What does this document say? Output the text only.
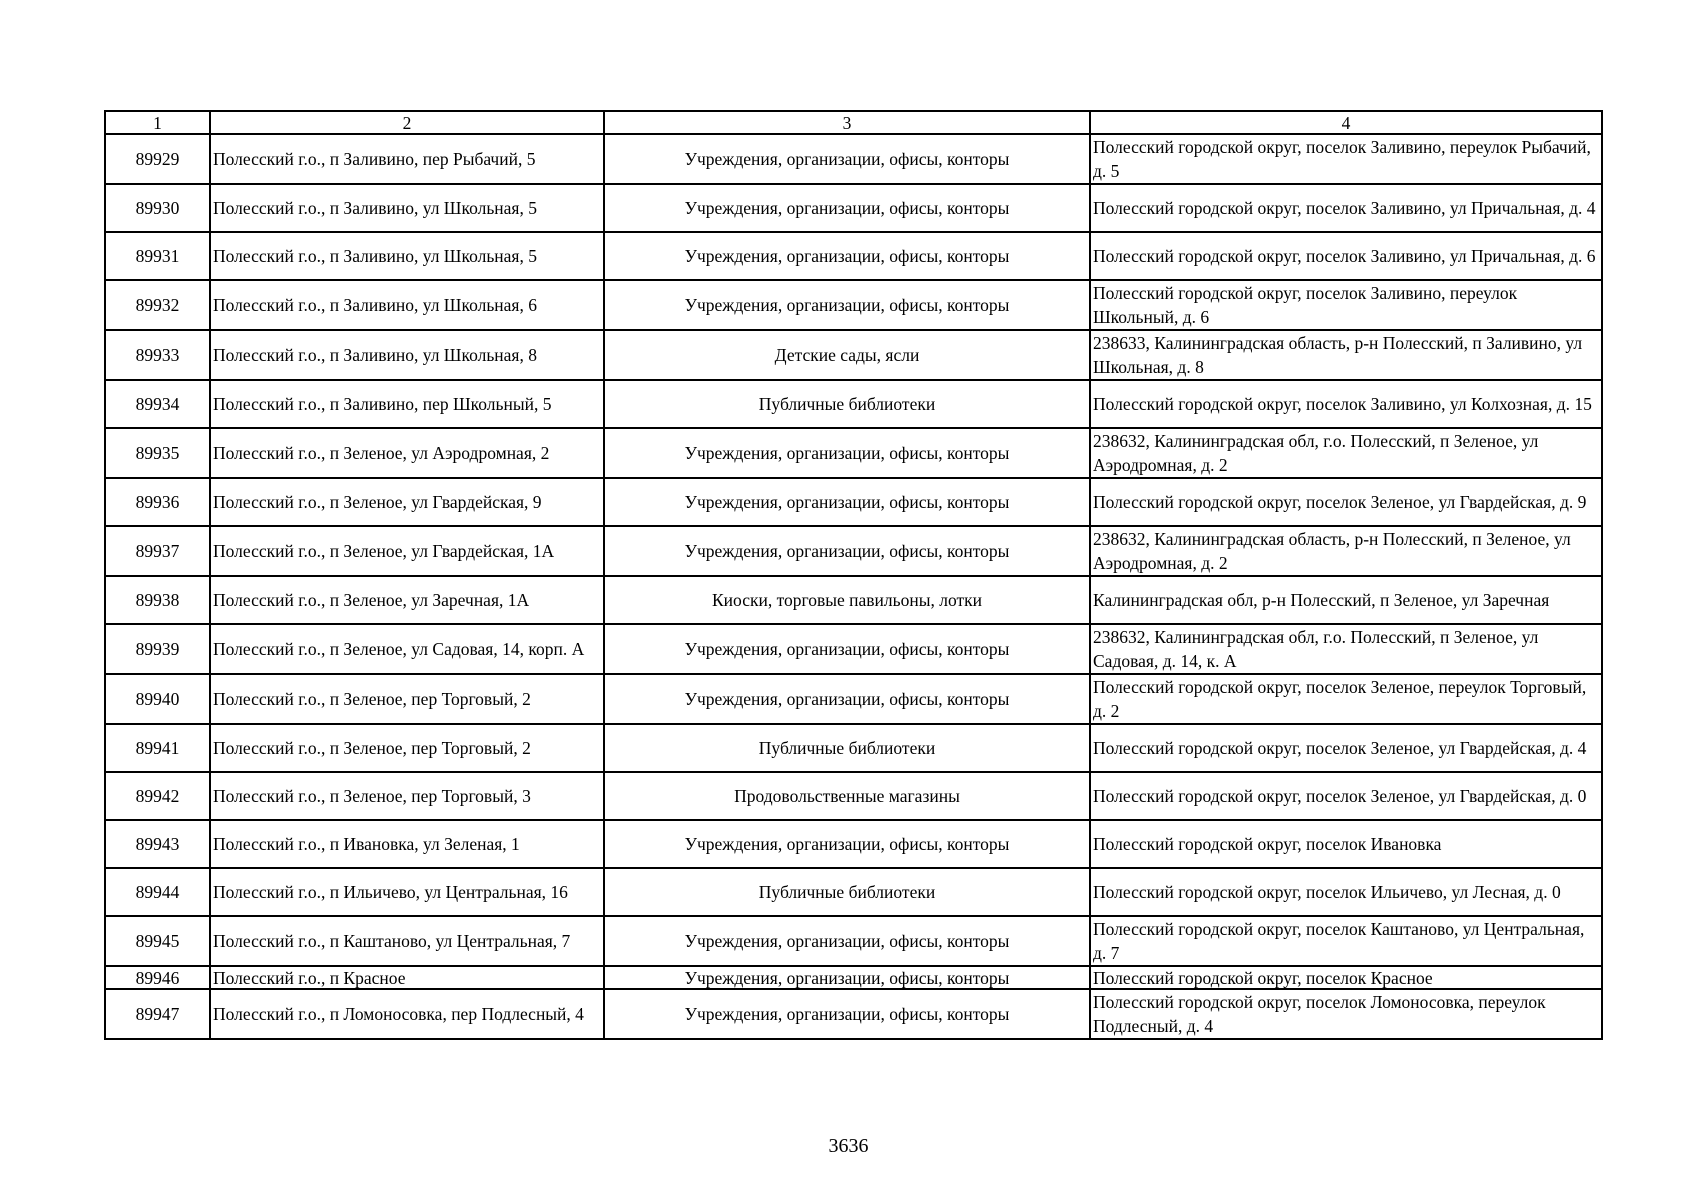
1	2	3	4
89929	Полесский г.о., п Заливино, пер Рыбачий, 5	Учреждения, организации, офисы, конторы	Полесский городской округ, поселок Заливино, переулок Рыбачий, д. 5
89930	Полесский г.о., п Заливино, ул Школьная, 5	Учреждения, организации, офисы, конторы	Полесский городской округ, поселок Заливино, ул Причальная, д. 4
89931	Полесский г.о., п Заливино, ул Школьная, 5	Учреждения, организации, офисы, конторы	Полесский городской округ, поселок Заливино, ул Причальная, д. 6
89932	Полесский г.о., п Заливино, ул Школьная, 6	Учреждения, организации, офисы, конторы	Полесский городской округ, поселок Заливино, переулок Школьный, д. 6
89933	Полесский г.о., п Заливино, ул Школьная, 8	Детские сады, ясли	238633, Калининградская область, р-н Полесский, п Заливино, ул Школьная, д. 8
89934	Полесский г.о., п Заливино, пер Школьный, 5	Публичные библиотеки	Полесский городской округ, поселок Заливино, ул Колхозная, д. 15
89935	Полесский г.о., п Зеленое, ул Аэродромная, 2	Учреждения, организации, офисы, конторы	238632, Калининградская обл, г.о. Полесский, п Зеленое, ул Аэродромная, д. 2
89936	Полесский г.о., п Зеленое, ул Гвардейская, 9	Учреждения, организации, офисы, конторы	Полесский городской округ, поселок Зеленое, ул Гвардейская, д. 9
89937	Полесский г.о., п Зеленое, ул Гвардейская, 1А	Учреждения, организации, офисы, конторы	238632, Калининградская область, р-н Полесский, п Зеленое, ул Аэродромная, д. 2
89938	Полесский г.о., п Зеленое, ул Заречная, 1А	Киоски, торговые павильоны, лотки	Калининградская обл, р-н Полесский, п Зеленое, ул Заречная
89939	Полесский г.о., п Зеленое, ул Садовая, 14, корп. А	Учреждения, организации, офисы, конторы	238632, Калининградская обл, г.о. Полесский, п Зеленое, ул Садовая, д. 14, к. А
89940	Полесский г.о., п Зеленое, пер Торговый, 2	Учреждения, организации, офисы, конторы	Полесский городской округ, поселок Зеленое, переулок Торговый, д. 2
89941	Полесский г.о., п Зеленое, пер Торговый, 2	Публичные библиотеки	Полесский городской округ, поселок Зеленое, ул Гвардейская, д. 4
89942	Полесский г.о., п Зеленое, пер Торговый, 3	Продовольственные магазины	Полесский городской округ, поселок Зеленое, ул Гвардейская, д. 0
89943	Полесский г.о., п Ивановка, ул Зеленая, 1	Учреждения, организации, офисы, конторы	Полесский городской округ, поселок Ивановка
89944	Полесский г.о., п Ильичево, ул Центральная, 16	Публичные библиотеки	Полесский городской округ, поселок Ильичево, ул Лесная, д. 0
89945	Полесский г.о., п Каштаново, ул Центральная, 7	Учреждения, организации, офисы, конторы	Полесский городской округ, поселок Каштаново, ул Центральная, д. 7
89946	Полесский г.о., п Красное	Учреждения, организации, офисы, конторы	Полесский городской округ, поселок Красное
89947	Полесский г.о., п Ломоносовка, пер Подлесный, 4	Учреждения, организации, офисы, конторы	Полесский городской округ, поселок Ломоносовка, переулок Подлесный, д. 4
3636
